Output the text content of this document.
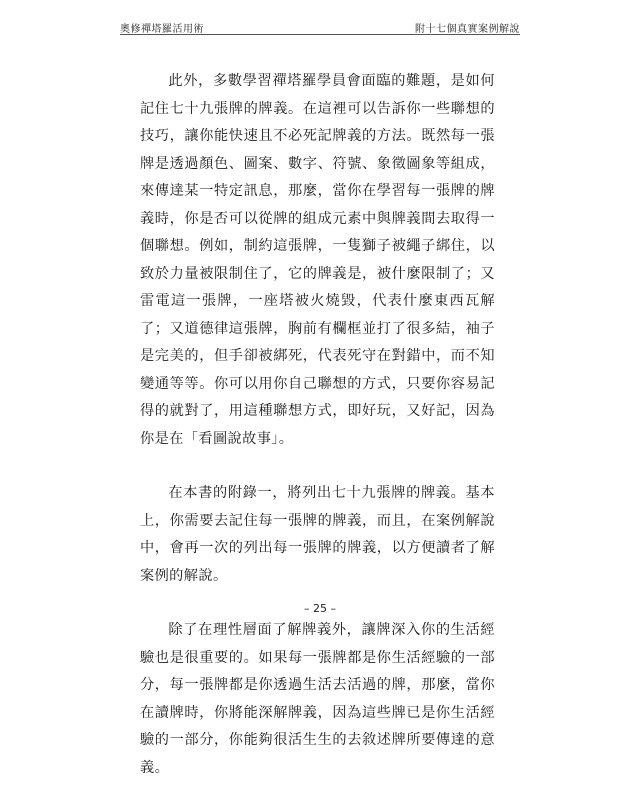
奧修禪塔羅活用術	附十七個真實案例解說

此外，多數學習禪塔羅學員會面臨的難題，是如何記住七十九張牌的牌義。在這裡可以告訴你一些聯想的技巧，讓你能快速且不必死記牌義的方法。既然每一張牌是透過顏色、圖案、數字、符號、象徵圖象等組成，來傳達某一特定訊息，那麼，當你在學習每一張牌的牌義時，你是否可以從牌的組成元素中與牌義間去取得一個聯想。例如，制約這張牌，一隻獅子被繩子綁住，以致於力量被限制住了，它的牌義是，被什麼限制了；又雷電這一張牌，一座塔被火燒毀，代表什麼東西瓦解了；又道德律這張牌，胸前有欄框並打了很多結，袖子是完美的，但手卻被綁死，代表死守在對錯中，而不知變通等等。你可以用你自己聯想的方式，只要你容易記得的就對了，用這種聯想方式，即好玩，又好記，因為你是在「看圖說故事」。

在本書的附錄一，將列出七十九張牌的牌義。基本上，你需要去記住每一張牌的牌義，而且，在案例解說中，會再一次的列出每一張牌的牌義，以方便讀者了解案例的解說。

除了在理性層面了解牌義外，讓牌深入你的生活經驗也是很重要的。如果每一張牌都是你生活經驗的一部分，每一張牌都是你透過生活去活過的牌，那麼，當你在讀牌時，你將能深解牌義，因為這些牌已是你生活經驗的一部分，你能夠很活生生的去敘述牌所要傳達的意義。

– 25 –
